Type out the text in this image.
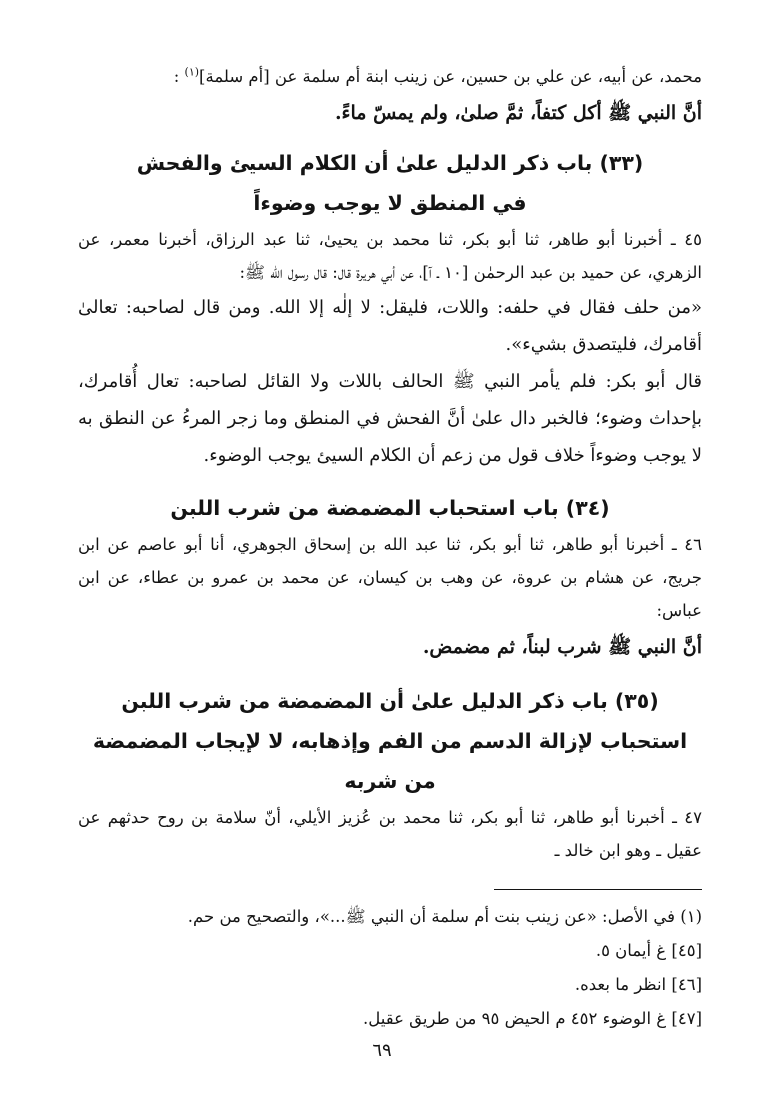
محمد، عن أبيه، عن علي بن حسين، عن زينب ابنة أم سلمة عن [أم سلمة]$^{(١)}$ :

أنَّ النبي ﷺ أكل كتفاً، ثمَّ صلىٰ، ولم يمسّ ماءً.

(٣٣) باب ذكر الدليل علىٰ أن الكلام السيئ والفحش
في المنطق لا يوجب وضوءاً

٤٥ ـ أخبرنا أبو طاهر، ثنا أبو بكر، ثنا محمد بن يحيىٰ، ثنا عبد الرزاق، أخبرنا معمر، عن الزهري، عن حميد بن عبد الرحمٰن [١٠ ـ آ]، عن أبي هريرة قال: قال رسول الله ﷺ:

«من حلف فقال في حلفه: واللات، فليقل: لا إلٰه إلا الله. ومن قال لصاحبه: تعالىٰ أقامرك، فليتصدق بشيء».

قال أبو بكر: فلم يأمر النبي ﷺ الحالف باللات ولا القائل لصاحبه: تعال أُقامرك، بإحداث وضوء؛ فالخبر دال علىٰ أنَّ الفحش في المنطق وما زجر المرءُ عن النطق به لا يوجب وضوءاً خلاف قول من زعم أن الكلام السيئ يوجب الوضوء.

(٣٤) باب استحباب المضمضة من شرب اللبن

٤٦ ـ أخبرنا أبو طاهر، ثنا أبو بكر، ثنا عبد الله بن إسحاق الجوهري، أنا أبو عاصم عن ابن جريج، عن هشام بن عروة، عن وهب بن كيسان، عن محمد بن عمرو بن عطاء، عن ابن عباس:

أنَّ النبي ﷺ شرب لبناً، ثم مضمض.

(٣٥) باب ذكر الدليل علىٰ أن المضمضة من شرب اللبن
استحباب لإزالة الدسم من الفم وإذهابه، لا لإيجاب المضمضة من شربه

٤٧ ـ أخبرنا أبو طاهر، ثنا أبو بكر، ثنا محمد بن عُزيز الأيلي، أنّ سلامة بن روح حدثهم عن عقيل ـ وهو ابن خالد ـ

(١) في الأصل: «عن زينب بنت أم سلمة أن النبي ﷺ...»، والتصحيح من حم.

[٤٥] غ أيمان ٥.

[٤٦] انظر ما بعده.

[٤٧] غ الوضوء ٤٥٢ م الحيض ٩٥ من طريق عقيل.

٦٩
